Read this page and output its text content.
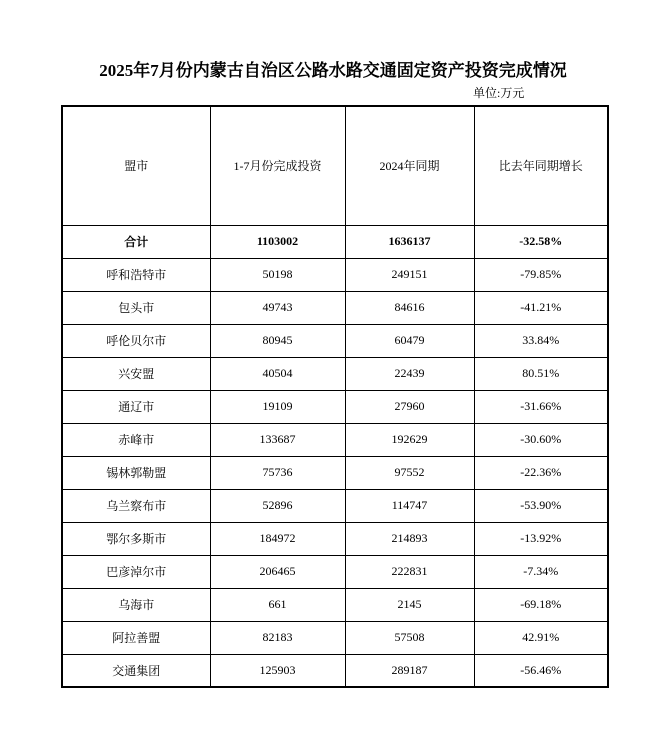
2025年7月份内蒙古自治区公路水路交通固定资产投资完成情况
单位:万元
盟市	1-7月份完成投资	2024年同期	比去年同期增长
合计	1103002	1636137	-32.58%
呼和浩特市	50198	249151	-79.85%
包头市	49743	84616	-41.21%
呼伦贝尔市	80945	60479	33.84%
兴安盟	40504	22439	80.51%
通辽市	19109	27960	-31.66%
赤峰市	133687	192629	-30.60%
锡林郭勒盟	75736	97552	-22.36%
乌兰察布市	52896	114747	-53.90%
鄂尔多斯市	184972	214893	-13.92%
巴彦淖尔市	206465	222831	-7.34%
乌海市	661	2145	-69.18%
阿拉善盟	82183	57508	42.91%
交通集团	125903	289187	-56.46%
